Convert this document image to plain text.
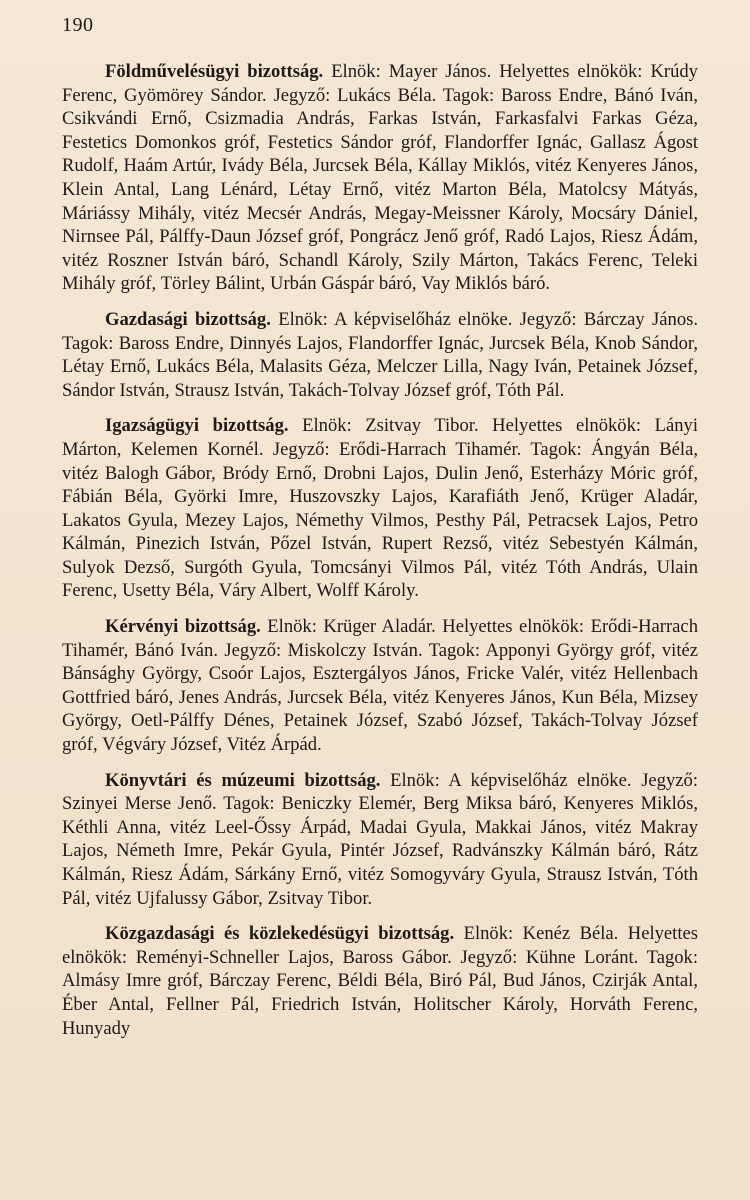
190

Földművelésügyi bizottság. Elnök: Mayer János. Helyettes elnökök: Krúdy Ferenc, Gyömörey Sándor. Jegyző: Lukács Béla. Tagok: Baross Endre, Bánó Iván, Csikvándi Ernő, Csizmadia András, Farkas István, Farkasfalvi Farkas Géza, Festetics Domonkos gróf, Festetics Sándor gróf, Flandorffer Ignác, Gallasz Ágost Rudolf, Haám Artúr, Ivády Béla, Jurcsek Béla, Kállay Miklós, vitéz Kenyeres János, Klein Antal, Lang Lénárd, Létay Ernő, vitéz Marton Béla, Matolcsy Mátyás, Máriássy Mihály, vitéz Mecsér András, Megay-Meissner Károly, Mocsáry Dániel, Nirnsee Pál, Pálffy-Daun József gróf, Pongrácz Jenő gróf, Radó Lajos, Riesz Ádám, vitéz Roszner István báró, Schandl Károly, Szily Márton, Takács Ferenc, Teleki Mihály gróf, Törley Bálint, Urbán Gáspár báró, Vay Miklós báró.

Gazdasági bizottság. Elnök: A képviselőház elnöke. Jegyző: Bárczay János. Tagok: Baross Endre, Dinnyés Lajos, Flandorffer Ignác, Jurcsek Béla, Knob Sándor, Létay Ernő, Lukács Béla, Malasits Géza, Melczer Lilla, Nagy Iván, Petainek József, Sándor István, Strausz István, Takách-Tolvay József gróf, Tóth Pál.

Igazságügyi bizottság. Elnök: Zsitvay Tibor. Helyettes elnökök: Lányi Márton, Kelemen Kornél. Jegyző: Erődi-Harrach Tihamér. Tagok: Ángyán Béla, vitéz Balogh Gábor, Bródy Ernő, Drobni Lajos, Dulin Jenő, Esterházy Móric gróf, Fábián Béla, Györki Imre, Huszovszky Lajos, Karafiáth Jenő, Krüger Aladár, Lakatos Gyula, Mezey Lajos, Némethy Vilmos, Pesthy Pál, Petracsek Lajos, Petro Kálmán, Pinezich István, Pőzel István, Rupert Rezső, vitéz Sebestyén Kálmán, Sulyok Dezső, Surgóth Gyula, Tomcsányi Vilmos Pál, vitéz Tóth András, Ulain Ferenc, Usetty Béla, Váry Albert, Wolff Károly.

Kérvényi bizottság. Elnök: Krüger Aladár. Helyettes elnökök: Erődi-Harrach Tihamér, Bánó Iván. Jegyző: Miskolczy István. Tagok: Apponyi György gróf, vitéz Bánsághy György, Csoór Lajos, Esztergályos János, Fricke Valér, vitéz Hellenbach Gottfried báró, Jenes András, Jurcsek Béla, vitéz Kenyeres János, Kun Béla, Mizsey György, Oetl-Pálffy Dénes, Petainek József, Szabó József, Takách-Tolvay József gróf, Végváry József, Vitéz Árpád.

Könyvtári és múzeumi bizottság. Elnök: A képviselőház elnöke. Jegyző: Szinyei Merse Jenő. Tagok: Beniczky Elemér, Berg Miksa báró, Kenyeres Miklós, Kéthli Anna, vitéz Leel-Őssy Árpád, Madai Gyula, Makkai János, vitéz Makray Lajos, Németh Imre, Pekár Gyula, Pintér József, Radvánszky Kálmán báró, Rátz Kálmán, Riesz Ádám, Sárkány Ernő, vitéz Somogyváry Gyula, Strausz István, Tóth Pál, vitéz Ujfalussy Gábor, Zsitvay Tibor.

Közgazdasági és közlekedésügyi bizottság. Elnök: Kenéz Béla. Helyettes elnökök: Reményi-Schneller Lajos, Baross Gábor. Jegyző: Kühne Loránt. Tagok: Almásy Imre gróf, Bárczay Ferenc, Béldi Béla, Biró Pál, Bud János, Czirják Antal, Éber Antal, Fellner Pál, Friedrich István, Holitscher Károly, Horváth Ferenc, Hunyady
